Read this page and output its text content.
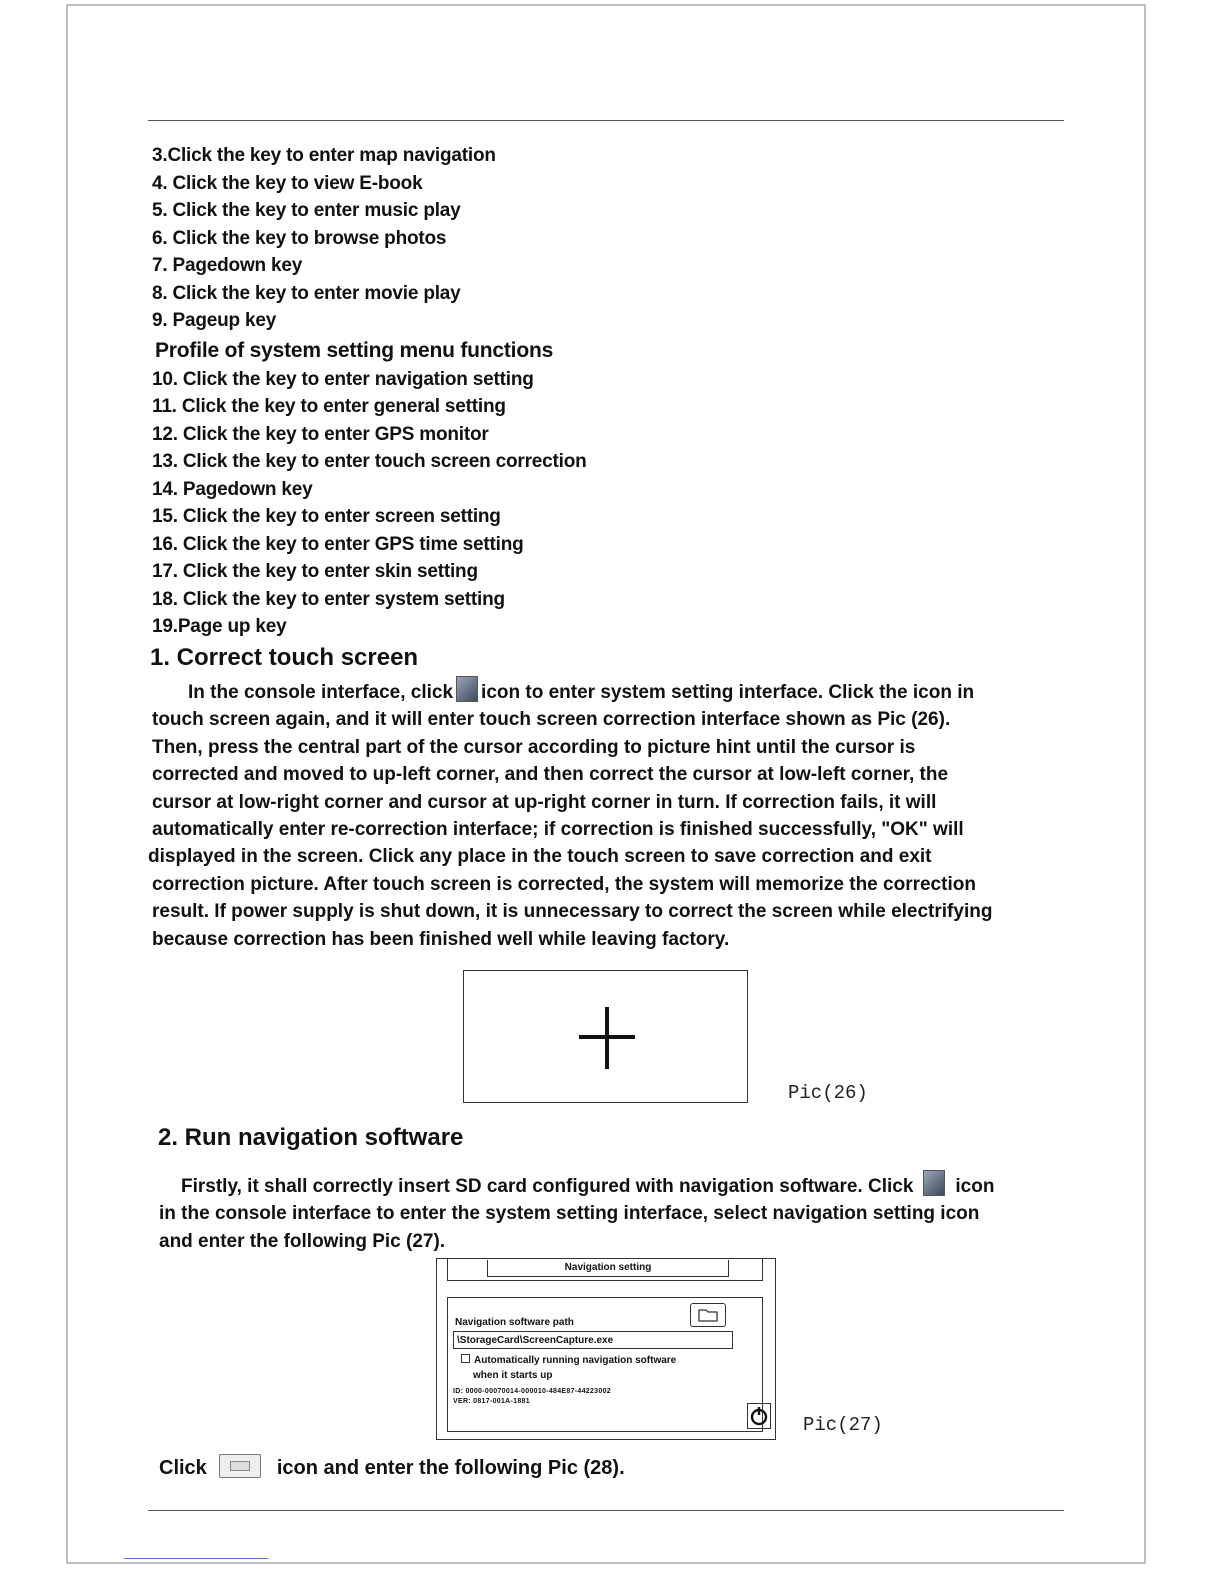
3.Click the key to enter map navigation
4. Click the key to view E-book
5. Click the key to enter music play
6. Click the key to browse photos
7. Pagedown key
8. Click the key to enter movie play
9. Pageup key
Profile of system setting menu functions
10. Click the key to enter navigation setting
11. Click the key to enter general setting
12. Click the key to enter GPS monitor
13. Click the key to enter touch screen correction
14. Pagedown key
15. Click the key to enter screen setting
16. Click the key to enter GPS time setting
17. Click the key to enter skin setting
18. Click the key to enter system setting
19.Page up key
1. Correct touch screen
In the console interface, click icon to enter system setting interface. Click the icon in
touch screen again, and it will enter touch screen correction interface shown as Pic (26).
Then, press the central part of the cursor according to picture hint until the cursor is
corrected and moved to up-left corner, and then correct the cursor at low-left corner, the
cursor at low-right corner and cursor at up-right corner in turn. If correction fails, it will
automatically enter re-correction interface; if correction is finished successfully, "OK" will
displayed in the screen. Click any place in the touch screen to save correction and exit
correction picture. After touch screen is corrected, the system will memorize the correction
result. If power supply is shut down, it is unnecessary to correct the screen while electrifying
because correction has been finished well while leaving factory.
Pic(26)
2. Run navigation software
Firstly, it shall correctly insert SD card configured with navigation software. Click icon
in the console interface to enter the system setting interface, select navigation setting icon
and enter the following Pic (27).
Navigation setting
Navigation software path
\StorageCard\ScreenCapture.exe
Automatically running navigation software
when it starts up
ID: 0000-00070014-000010-484E87-44223002
VER: 0817-001A-1881
Pic(27)
Click	icon and enter the following Pic (28).
